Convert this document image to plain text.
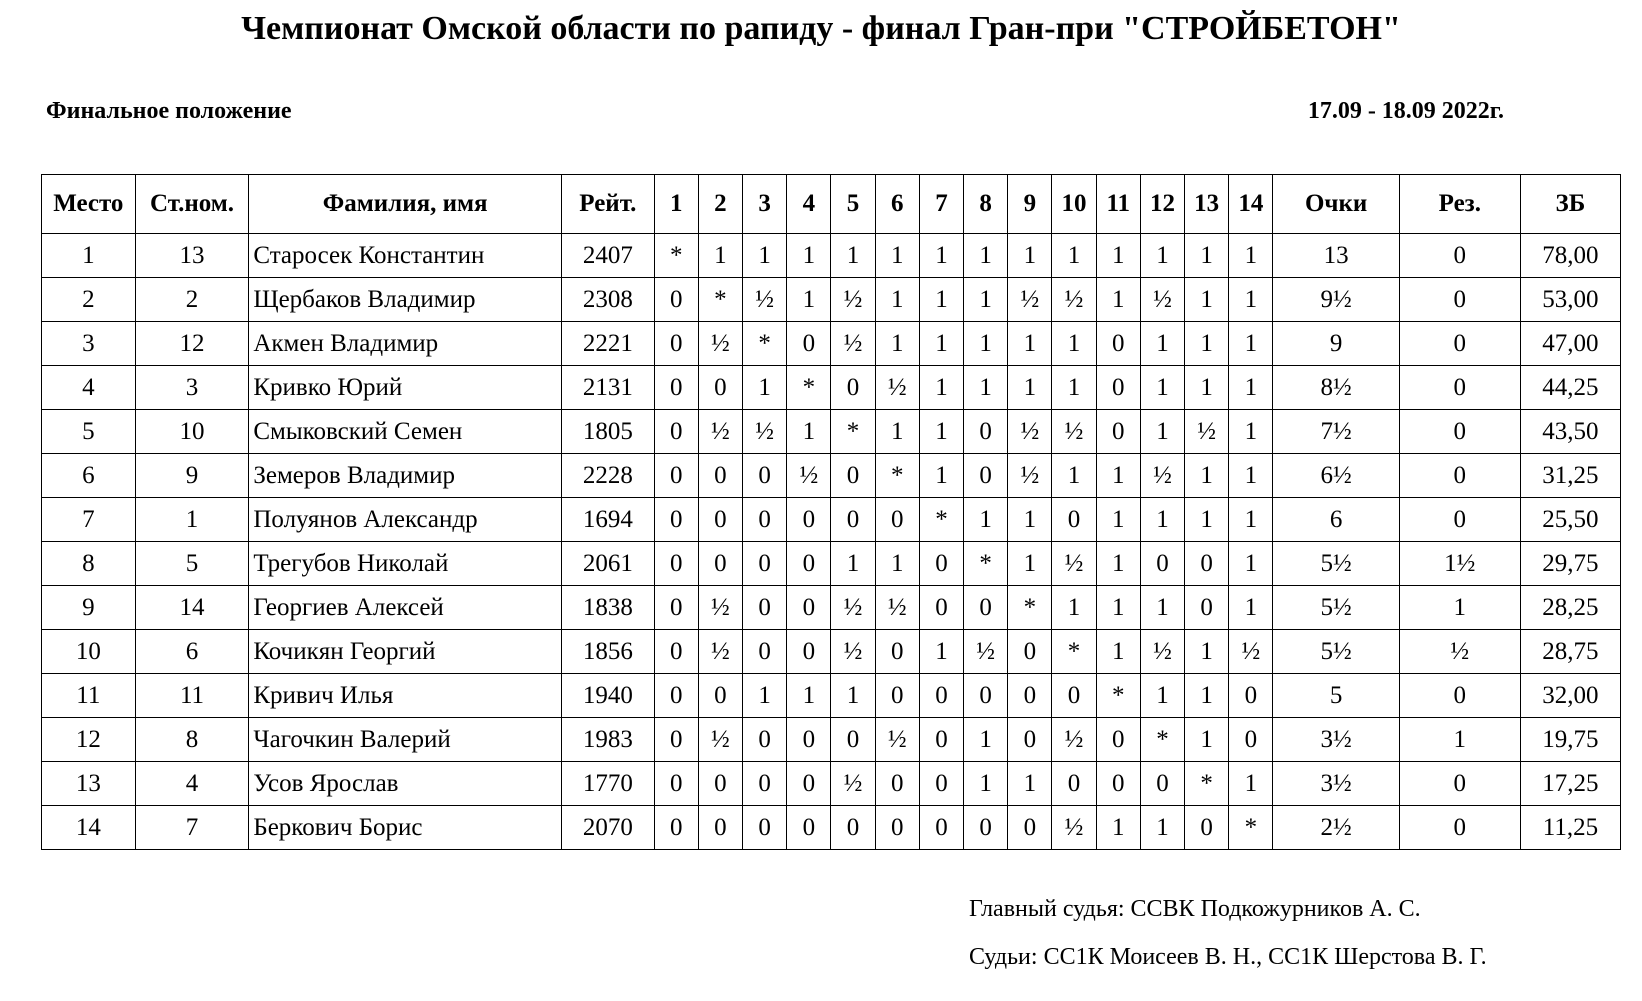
Чемпионат Омской области по рапиду - финал Гран-при "СТРОЙБЕТОН"
Финальное положение	17.09 - 18.09 2022г.
Место	Ст.ном.	Фамилия, имя	Рейт.	1	2	3	4	5	6	7	8	9	10	11	12	13	14	Очки	Рез.	ЗБ
1	13	Старосек Константин	2407	*	1	1	1	1	1	1	1	1	1	1	1	1	1	13	0	78,00
2	2	Щербаков Владимир	2308	0	*	½	1	½	1	1	1	½	½	1	½	1	1	9½	0	53,00
3	12	Акмен Владимир	2221	0	½	*	0	½	1	1	1	1	1	0	1	1	1	9	0	47,00
4	3	Кривко Юрий	2131	0	0	1	*	0	½	1	1	1	1	0	1	1	1	8½	0	44,25
5	10	Смыковский Семен	1805	0	½	½	1	*	1	1	0	½	½	0	1	½	1	7½	0	43,50
6	9	Земеров Владимир	2228	0	0	0	½	0	*	1	0	½	1	1	½	1	1	6½	0	31,25
7	1	Полуянов Александр	1694	0	0	0	0	0	0	*	1	1	0	1	1	1	1	6	0	25,50
8	5	Трегубов Николай	2061	0	0	0	0	1	1	0	*	1	½	1	0	0	1	5½	1½	29,75
9	14	Георгиев Алексей	1838	0	½	0	0	½	½	0	0	*	1	1	1	0	1	5½	1	28,25
10	6	Кочикян Георгий	1856	0	½	0	0	½	0	1	½	0	*	1	½	1	½	5½	½	28,75
11	11	Кривич Илья	1940	0	0	1	1	1	0	0	0	0	0	*	1	1	0	5	0	32,00
12	8	Чагочкин Валерий	1983	0	½	0	0	0	½	0	1	0	½	0	*	1	0	3½	1	19,75
13	4	Усов Ярослав	1770	0	0	0	0	½	0	0	1	1	0	0	0	*	1	3½	0	17,25
14	7	Беркович Борис	2070	0	0	0	0	0	0	0	0	0	½	1	1	0	*	2½	0	11,25
Главный судья: ССВК Подкожурников А. С.
Судьи: СС1К Моисеев В. Н., СС1К Шерстова В. Г.
